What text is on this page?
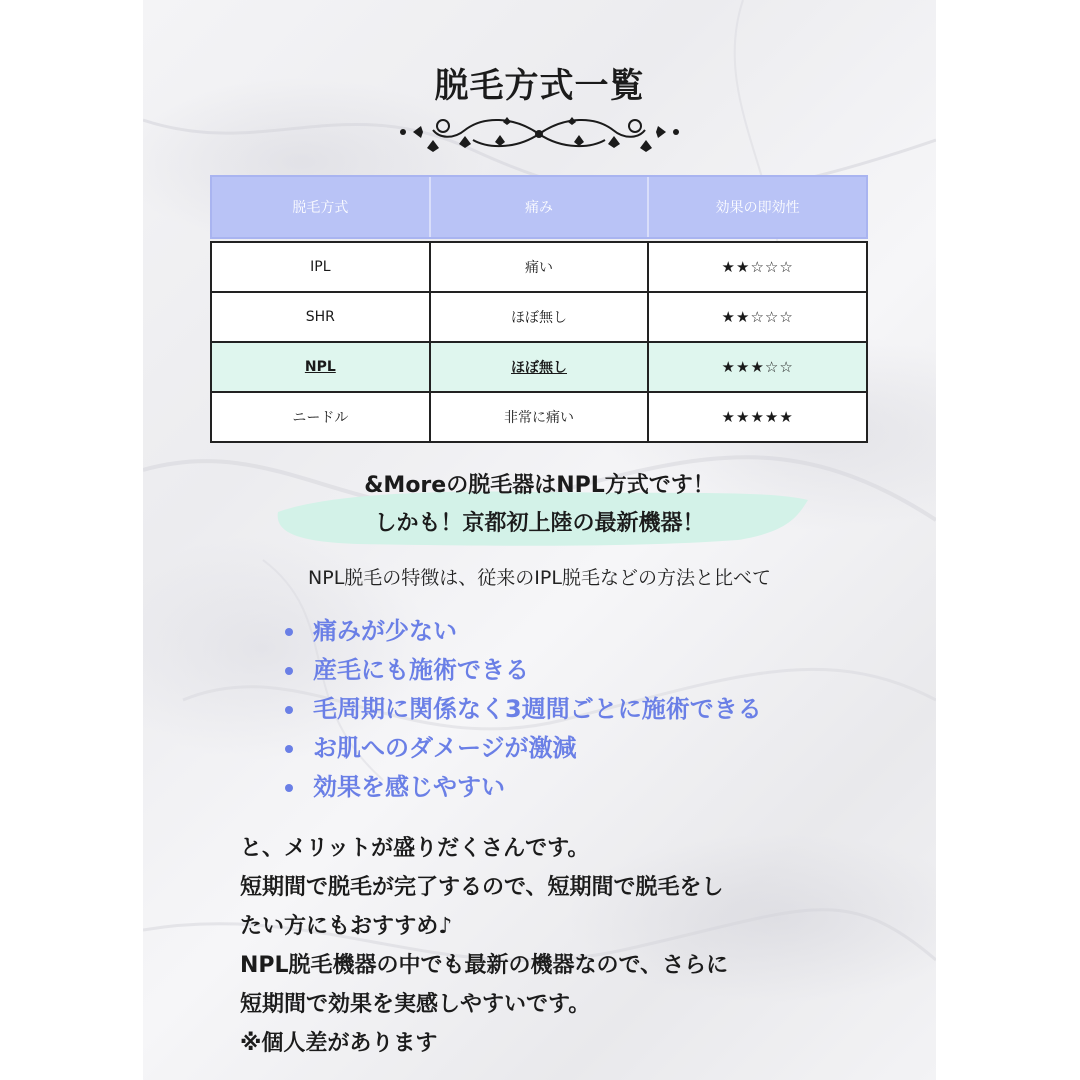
脱毛方式一覧
脱毛方式	痛み	効果の即効性
IPL	痛い	★★☆☆☆
SHR	ほぼ無し	★★☆☆☆
NPL	ほぼ無し	★★★☆☆
ニードル	非常に痛い	★★★★★
&Moreの脱毛器はNPL方式です！
しかも！京都初上陸の最新機器！
NPL脱毛の特徴は、従来のIPL脱毛などの方法と比べて
痛みが少ない
産毛にも施術できる
毛周期に関係なく3週間ごとに施術できる
お肌へのダメージが激減
効果を感じやすい

と、メリットが盛りだくさんです。

短期間で脱毛が完了するので、短期間で脱毛をし

たい方にもおすすめ♪

NPL脱毛機器の中でも最新の機器なので、さらに

短期間で効果を実感しやすいです。

※個人差があります
